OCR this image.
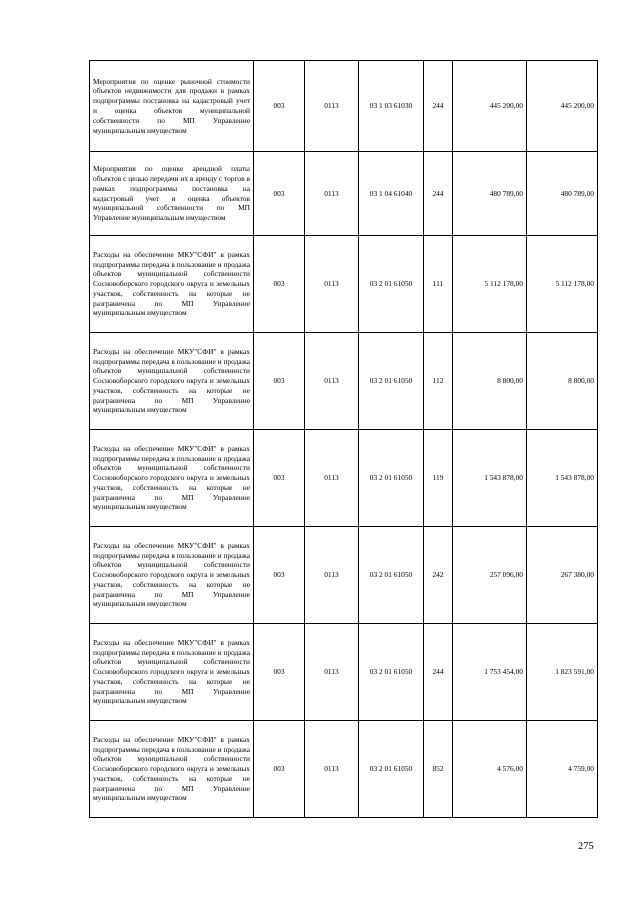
Мероприятия по оценке рыночной стоимости объектов недвижимости для продажи в рамках подпрограммы постановка на кадастровый учет и оценка объектов муниципальной собственности по МП Управление муниципальным имуществом	003	0113	03 1 03 61030	244	445 200,00	445 200,00
Мероприятия по оценке арендной платы объектов с целью передачи их в аренду с торгов в рамках подпрограммы постановка на кадастровый учет и оценка объектов муниципальной собственности по МП Управление муниципальным имуществом	003	0113	03 1 04 61040	244	480 789,00	480 789,00
Расходы на обеспечение МКУ"СФИ" в рамках подпрограммы передача в пользование и продажа объектов муниципальной собственности Сосновоборского городского округа и земельных участков, собственность на которые не разграничена по МП Управление муниципальным имуществом	003	0113	03 2 01 61050	111	5 112 178,00	5 112 178,00
Расходы на обеспечение МКУ"СФИ" в рамках подпрограммы передача в пользование и продажа объектов муниципальной собственности Сосновоборского городского округа и земельных участков, собственность на которые не разграничена по МП Управление муниципальным имуществом	003	0113	03 2 01 61050	112	8 800,00	8 800,00
Расходы на обеспечение МКУ"СФИ" в рамках подпрограммы передача в пользование и продажа объектов муниципальной собственности Сосновоборского городского округа и земельных участков, собственность на которые не разграничена по МП Управление муниципальным имуществом	003	0113	03 2 01 61050	119	1 543 878,00	1 543 878,00
Расходы на обеспечение МКУ"СФИ" в рамках подпрограммы передача в пользование и продажа объектов муниципальной собственности Сосновоборского городского округа и земельных участков, собственность на которые не разграничена по МП Управление муниципальным имуществом	003	0113	03 2 01 61050	242	257 096,00	267 380,00
Расходы на обеспечение МКУ"СФИ" в рамках подпрограммы передача в пользование и продажа объектов муниципальной собственности Сосновоборского городского округа и земельных участков, собственность на которые не разграничена по МП Управление муниципальным имуществом	003	0113	03 2 01 61050	244	1 753 454,00	1 823 591,00
Расходы на обеспечение МКУ"СФИ" в рамках подпрограммы передача в пользование и продажа объектов муниципальной собственности Сосновоборского городского округа и земельных участков, собственность на которые не разграничена по МП Управление муниципальным имуществом	003	0113	03 2 01 61050	852	4 576,00	4 759,00
275
